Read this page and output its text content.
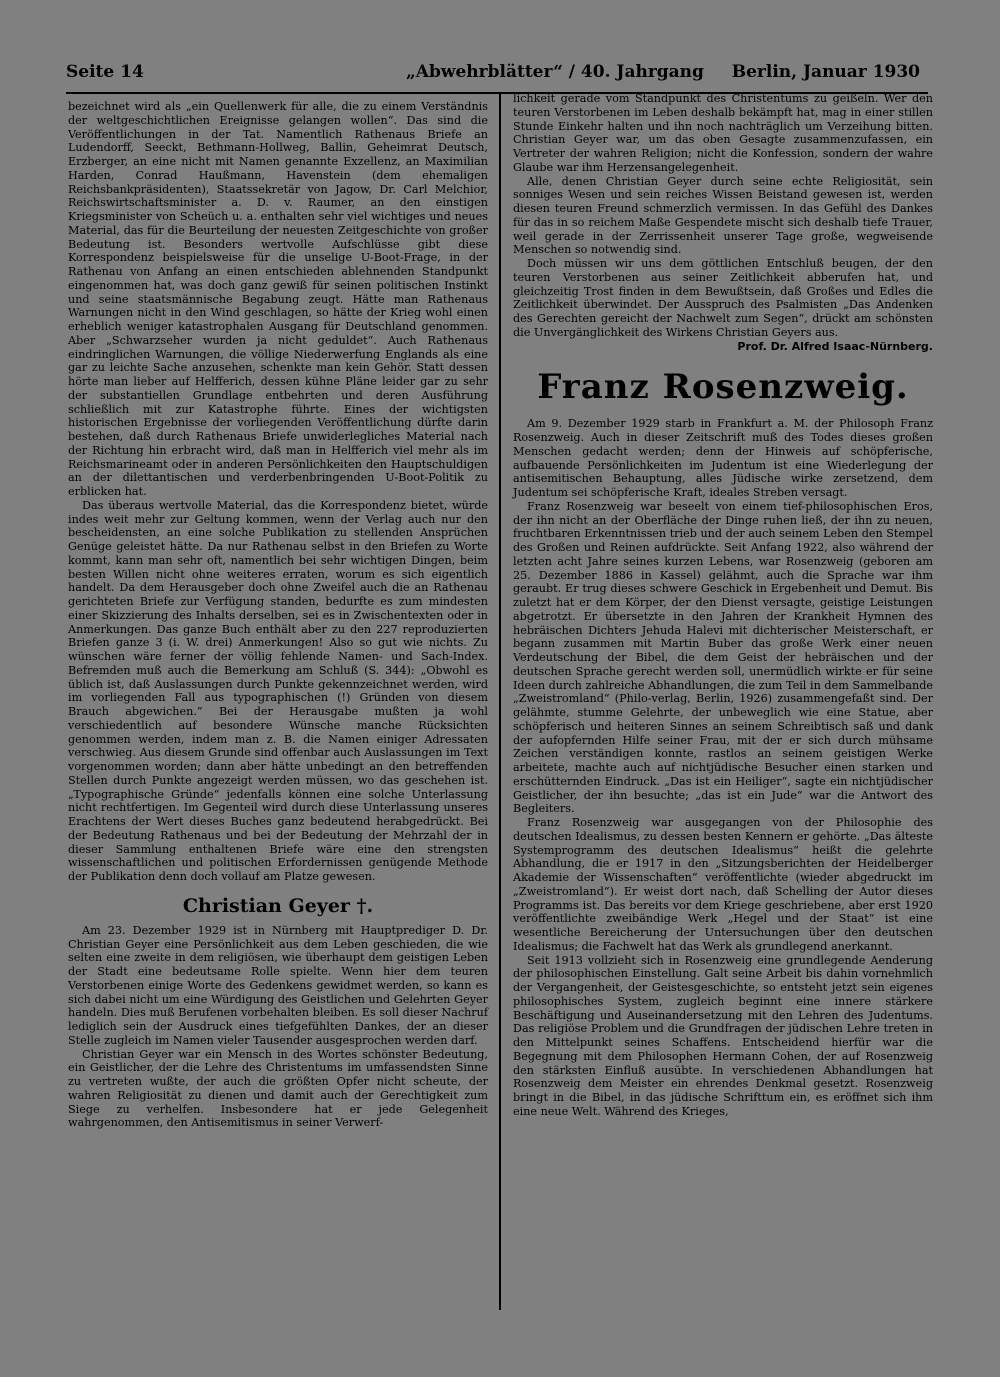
Seite 14	„Abwehrblätter“ / 40. Jahrgang Berlin, Januar 1930

bezeichnet wird als „ein Quellenwerk für alle, die zu einem Verständnis der weltgeschichtlichen Ereignisse gelangen wollen“. Das sind die Veröffentlichungen in der Tat. Namentlich Rathenaus Briefe an Ludendorff, Seeckt, Bethmann-Hollweg, Ballin, Geheimrat Deutsch, Erzberger, an eine nicht mit Namen genannte Exzellenz, an Maximilian Harden, Conrad Haußmann, Havenstein (dem ehemaligen Reichsbankpräsidenten), Staatssekretär von Jagow, Dr. Carl Melchior, Reichswirtschaftsminister a. D. v. Raumer, an den einstigen Kriegsminister von Scheüch u. a. enthalten sehr viel wichtiges und neues Material, das für die Beurteilung der neuesten Zeitgeschichte von großer Bedeutung ist. Besonders wertvolle Aufschlüsse gibt diese Korrespondenz beispielsweise für die unselige U-Boot-Frage, in der Rathenau von Anfang an einen entschieden ablehnenden Standpunkt eingenommen hat, was doch ganz gewiß für seinen politischen Instinkt und seine staatsmännische Begabung zeugt. Hätte man Rathenaus Warnungen nicht in den Wind geschlagen, so hätte der Krieg wohl einen erheblich weniger katastrophalen Ausgang für Deutschland genommen. Aber „Schwarzseher wurden ja nicht geduldet“. Auch Rathenaus eindringlichen Warnungen, die völlige Niederwerfung Englands als eine gar zu leichte Sache anzusehen, schenkte man kein Gehör. Statt dessen hörte man lieber auf Helfferich, dessen kühne Pläne leider gar zu sehr der substantiellen Grundlage entbehrten und deren Ausführung schließlich mit zur Katastrophe führte. Eines der wichtigsten historischen Ergebnisse der vorliegenden Veröffentlichung dürfte darin bestehen, daß durch Rathenaus Briefe unwiderlegliches Material nach der Richtung hin erbracht wird, daß man in Helfferich viel mehr als im Reichsmarineamt oder in anderen Persönlichkeiten den Hauptschuldigen an der dilettantischen und verderbenbringenden U-Boot-Politik zu erblicken hat.

Das überaus wertvolle Material, das die Korrespondenz bietet, würde indes weit mehr zur Geltung kommen, wenn der Verlag auch nur den bescheidensten, an eine solche Publikation zu stellenden Ansprüchen Genüge geleistet hätte. Da nur Rathenau selbst in den Briefen zu Worte kommt, kann man sehr oft, namentlich bei sehr wichtigen Dingen, beim besten Willen nicht ohne weiteres erraten, worum es sich eigentlich handelt. Da dem Herausgeber doch ohne Zweifel auch die an Rathenau gerichteten Briefe zur Verfügung standen, bedurfte es zum mindesten einer Skizzierung des Inhalts derselben, sei es in Zwischentexten oder in Anmerkungen. Das ganze Buch enthält aber zu den 227 reproduzierten Briefen ganze 3 (i. W. drei) Anmerkungen! Also so gut wie nichts. Zu wünschen wäre ferner der völlig fehlende Namen- und Sach-Index. Befremden muß auch die Bemerkung am Schluß (S. 344): „Obwohl es üblich ist, daß Auslassungen durch Punkte gekennzeichnet werden, wird im vorliegenden Fall aus typographischen (!) Gründen von diesem Brauch abgewichen.“ Bei der Herausgabe mußten ja wohl verschiedentlich auf besondere Wünsche manche Rücksichten genommen werden, indem man z. B. die Namen einiger Adressaten verschwieg. Aus diesem Grunde sind offenbar auch Auslassungen im Text vorgenommen worden; dann aber hätte unbedingt an den betreffenden Stellen durch Punkte angezeigt werden müssen, wo das geschehen ist. „Typographische Gründe“ jedenfalls können eine solche Unterlassung nicht rechtfertigen. Im Gegenteil wird durch diese Unterlassung unseres Erachtens der Wert dieses Buches ganz bedeutend herabgedrückt. Bei der Bedeutung Rathenaus und bei der Bedeutung der Mehrzahl der in dieser Sammlung enthaltenen Briefe wäre eine den strengsten wissenschaftlichen und politischen Erfordernissen genügende Methode der Publikation denn doch vollauf am Platze gewesen.

Christian Geyer †.

Am 23. Dezember 1929 ist in Nürnberg mit Hauptprediger D. Dr. Christian Geyer eine Persönlichkeit aus dem Leben geschieden, die wie selten eine zweite in dem religiösen, wie überhaupt dem geistigen Leben der Stadt eine bedeutsame Rolle spielte. Wenn hier dem teuren Verstorbenen einige Worte des Gedenkens gewidmet werden, so kann es sich dabei nicht um eine Würdigung des Geistlichen und Gelehrten Geyer handeln. Dies muß Berufenen vorbehalten bleiben. Es soll dieser Nachruf lediglich sein der Ausdruck eines tiefgefühlten Dankes, der an dieser Stelle zugleich im Namen vieler Tausender ausgesprochen werden darf.

Christian Geyer war ein Mensch in des Wortes schönster Bedeutung, ein Geistlicher, der die Lehre des Christentums im umfassendsten Sinne zu vertreten wußte, der auch die größten Opfer nicht scheute, der wahren Religiosität zu dienen und damit auch der Gerechtigkeit zum Siege zu verhelfen. Insbesondere hat er jede Gelegenheit wahrgenommen, den Antisemitismus in seiner Verwerf-

lichkeit gerade vom Standpunkt des Christentums zu geißeln. Wer den teuren Verstorbenen im Leben deshalb bekämpft hat, mag in einer stillen Stunde Einkehr halten und ihn noch nachträglich um Verzeihung bitten. Christian Geyer war, um das oben Gesagte zusammenzufassen, ein Vertreter der wahren Religion; nicht die Konfession, sondern der wahre Glaube war ihm Herzensangelegenheit.

Alle, denen Christian Geyer durch seine echte Religiosität, sein sonniges Wesen und sein reiches Wissen Beistand gewesen ist, werden diesen teuren Freund schmerzlich vermissen. In das Gefühl des Dankes für das in so reichem Maße Gespendete mischt sich deshalb tiefe Trauer, weil gerade in der Zerrissenheit unserer Tage große, wegweisende Menschen so notwendig sind.

Doch müssen wir uns dem göttlichen Entschluß beugen, der den teuren Verstorbenen aus seiner Zeitlichkeit abberufen hat, und gleichzeitig Trost finden in dem Bewußtsein, daß Großes und Edles die Zeitlichkeit überwindet. Der Ausspruch des Psalmisten „Das Andenken des Gerechten gereicht der Nachwelt zum Segen“, drückt am schönsten die Unvergänglichkeit des Wirkens Christian Geyers aus.

Prof. Dr. Alfred Isaac-Nürnberg.
Franz Rosenzweig.

Am 9. Dezember 1929 starb in Frankfurt a. M. der Philosoph Franz Rosenzweig. Auch in dieser Zeitschrift muß des Todes dieses großen Menschen gedacht werden; denn der Hinweis auf schöpferische, aufbauende Persönlichkeiten im Judentum ist eine Wiederlegung der antisemitischen Behauptung, alles Jüdische wirke zersetzend, dem Judentum sei schöpferische Kraft, ideales Streben versagt.

Franz Rosenzweig war beseelt von einem tief-philosophischen Eros, der ihn nicht an der Oberfläche der Dinge ruhen ließ, der ihn zu neuen, fruchtbaren Erkenntnissen trieb und der auch seinem Leben den Stempel des Großen und Reinen aufdrückte. Seit Anfang 1922, also während der letzten acht Jahre seines kurzen Lebens, war Rosenzweig (geboren am 25. Dezember 1886 in Kassel) gelähmt, auch die Sprache war ihm geraubt. Er trug dieses schwere Geschick in Ergebenheit und Demut. Bis zuletzt hat er dem Körper, der den Dienst versagte, geistige Leistungen abgetrotzt. Er übersetzte in den Jahren der Krankheit Hymnen des hebräischen Dichters Jehuda Halevi mit dichterischer Meisterschaft, er begann zusammen mit Martin Buber das große Werk einer neuen Verdeutschung der Bibel, die dem Geist der hebräischen und der deutschen Sprache gerecht werden soll, unermüdlich wirkte er für seine Ideen durch zahlreiche Abhandlungen, die zum Teil in dem Sammelbande „Zweistromland“ (Philo-verlag, Berlin, 1926) zusammengefaßt sind. Der gelähmte, stumme Gelehrte, der unbeweglich wie eine Statue, aber schöpferisch und heiteren Sinnes an seinem Schreibtisch saß und dank der aufopfernden Hilfe seiner Frau, mit der er sich durch mühsame Zeichen verständigen konnte, rastlos an seinem geistigen Werke arbeitete, machte auch auf nichtjüdische Besucher einen starken und erschütternden Eindruck. „Das ist ein Heiliger“, sagte ein nichtjüdischer Geistlicher, der ihn besuchte; „das ist ein Jude“ war die Antwort des Begleiters.

Franz Rosenzweig war ausgegangen von der Philosophie des deutschen Idealismus, zu dessen besten Kennern er gehörte. „Das älteste Systemprogramm des deutschen Idealismus“ heißt die gelehrte Abhandlung, die er 1917 in den „Sitzungsberichten der Heidelberger Akademie der Wissenschaften“ veröffentlichte (wieder abgedruckt im „Zweistromland“). Er weist dort nach, daß Schelling der Autor dieses Programms ist. Das bereits vor dem Kriege geschriebene, aber erst 1920 veröffentlichte zweibändige Werk „Hegel und der Staat“ ist eine wesentliche Bereicherung der Untersuchungen über den deutschen Idealismus; die Fachwelt hat das Werk als grundlegend anerkannt.

Seit 1913 vollzieht sich in Rosenzweig eine grundlegende Aenderung der philosophischen Einstellung. Galt seine Arbeit bis dahin vornehmlich der Vergangenheit, der Geistesgeschichte, so entsteht jetzt sein eigenes philosophisches System, zugleich beginnt eine innere stärkere Beschäftigung und Auseinandersetzung mit den Lehren des Judentums. Das religiöse Problem und die Grundfragen der jüdischen Lehre treten in den Mittelpunkt seines Schaffens. Entscheidend hierfür war die Begegnung mit dem Philosophen Hermann Cohen, der auf Rosenzweig den stärksten Einfluß ausübte. In verschiedenen Abhandlungen hat Rosenzweig dem Meister ein ehrendes Denkmal gesetzt. Rosenzweig bringt in die Bibel, in das jüdische Schrifttum ein, es eröffnet sich ihm eine neue Welt. Während des Krieges,
